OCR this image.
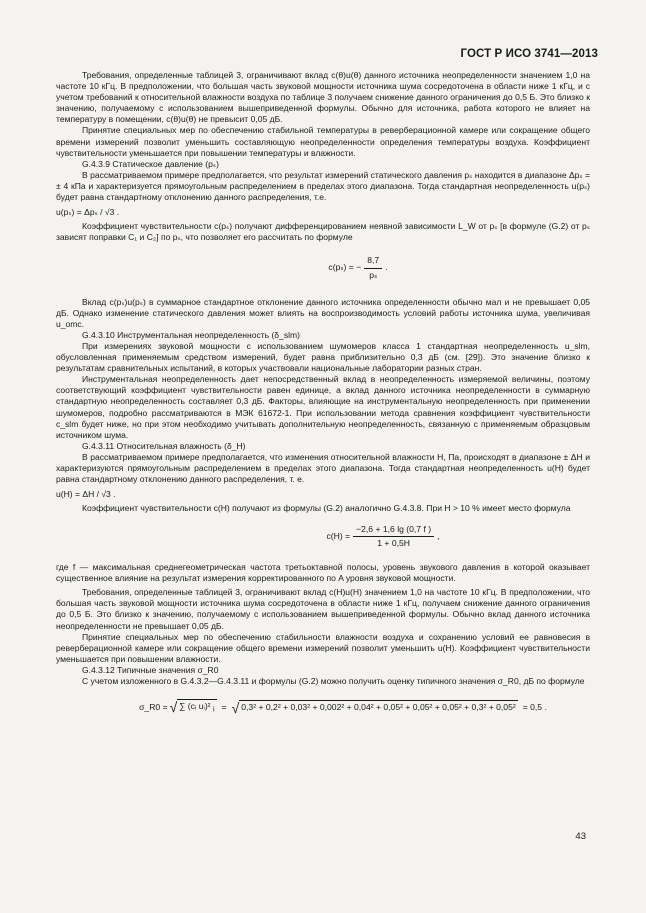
ГОСТ Р ИСО 3741—2013

Требования, определенные таблицей 3, ограничивают вклад c(θ)u(θ) данного источника неопределенности значением 1,0 на частоте 10 кГц. В предположении, что большая часть звуковой мощности источника шума сосредоточена в области ниже 1 кГц, и с учетом требований к относительной влажности воздуха по таблице 3 получаем снижение данного ограничения до 0,5 Б. Это близко к значению, получаемому с использованием вышеприведенной формулы. Обычно для источника, работа которого не влияет на температуру в помещении, c(θ)u(θ) не превысит 0,05 дБ.

Принятие специальных мер по обеспечению стабильной температуры в реверберационной камере или сокращение общего времени измерений позволит уменьшить составляющую неопределенности определения температуры воздуха. Коэффициент чувствительности уменьшается при повышении температуры и влажности.

G.4.3.9 Статическое давление (pₛ)

В рассматриваемом примере предполагается, что результат измерений статического давления pₛ находится в диапазоне Δpₛ = ± 4 кПа и характеризуется прямоугольным распределением в пределах этого диапазона. Тогда стандартная неопределенность u(pₛ) будет равна стандартному отклонению данного распределения, т.е.

u(pₛ) = Δpₛ / √3 .

Коэффициент чувствительности c(pₛ) получают дифференцированием неявной зависимости L_W от pₛ [в формуле (G.2) от pₛ зависят поправки C₁ и C₂] по pₛ, что позволяет его рассчитать по формуле

c(pₛ) = − $\frac{8,7}{\text{pₛ}}$ .

Вклад c(pₛ)u(pₛ) в суммарное стандартное отклонение данного источника определенности обычно мал и не превышает 0,05 дБ. Однако изменение статического давления может влиять на воспроизводимость условий работы источника шума, увеличивая u_omc.

G.4.3.10 Инструментальная неопределенность (δ_slm)

При измерениях звуковой мощности с использованием шумомеров класса 1 стандартная неопределенность u_slm, обусловленная применяемым средством измерений, будет равна приблизительно 0,3 дБ (см. [29]). Это значение близко к результатам сравнительных испытаний, в которых участвовали национальные лаборатории разных стран.

Инструментальная неопределенность дает непосредственный вклад в неопределенность измеряемой величины, поэтому соответствующий коэффициент чувствительности равен единице, а вклад данного источника неопределенности в суммарную стандартную неопределенность составляет 0,3 дБ. Факторы, влияющие на инструментальную неопределенность при применении шумомеров, подробно рассматриваются в МЭК 61672-1. При использовании метода сравнения коэффициент чувствительности c_slm будет ниже, но при этом необходимо учитывать дополнительную неопределенность, связанную с применяемым образцовым источником шума.

G.4.3.11 Относительная влажность (δ_H)

В рассматриваемом примере предполагается, что изменения относительной влажности H, Па, происходят в диапазоне ± ΔH и характеризуются прямоугольным распределением в пределах этого диапазона. Тогда стандартная неопределенность u(H) будет равна стандартному отклонению данного распределения, т. е.

u(H) = ΔH / √3 .

Коэффициент чувствительности c(H) получают из формулы (G.2) аналогично G.4.3.8. При H > 10 % имеет место формула

$c(H) = \frac{-2,6 + 1,6 \lg (0,7 f )}{1 + 0,5H}$ ,

где f — максимальная среднегеометрическая частота третьоктавной полосы, уровень звукового давления в которой оказывает существенное влияние на результат измерения корректированного по A уровня звуковой мощности.

Требования, определенные таблицей 3, ограничивают вклад c(H)u(H) значением 1,0 на частоте 10 кГц. В предположении, что большая часть звуковой мощности источника шума сосредоточена в области ниже 1 кГц, получаем снижение данного ограничения до 0,5 Б. Это близко к значению, получаемому с использованием вышеприведенной формулы. Обычно вклад данного источника неопределенности не превышает 0,05 дБ.

Принятие специальных мер по обеспечению стабильности влажности воздуха и сохранению условий ее равновесия в реверберационной камере или сокращение общего времени измерений позволит уменьшить u(H). Коэффициент чувствительности уменьшается при повышении влажности.

G.4.3.12 Типичные значения σ_R0

С учетом изложенного в G.4.3.2—G.4.3.11 и формулы (G.2) можно получить оценку типичного значения σ_R0, дБ по формуле

σ_R0 = √ ∑ (cᵢ uᵢ)² $_i$ = √ 0,3² + 0,2² + 0,03² + 0,002² + 0,04² + 0,05² + 0,05² + 0,05² + 0,3² + 0,05² = 0,5 .
43
